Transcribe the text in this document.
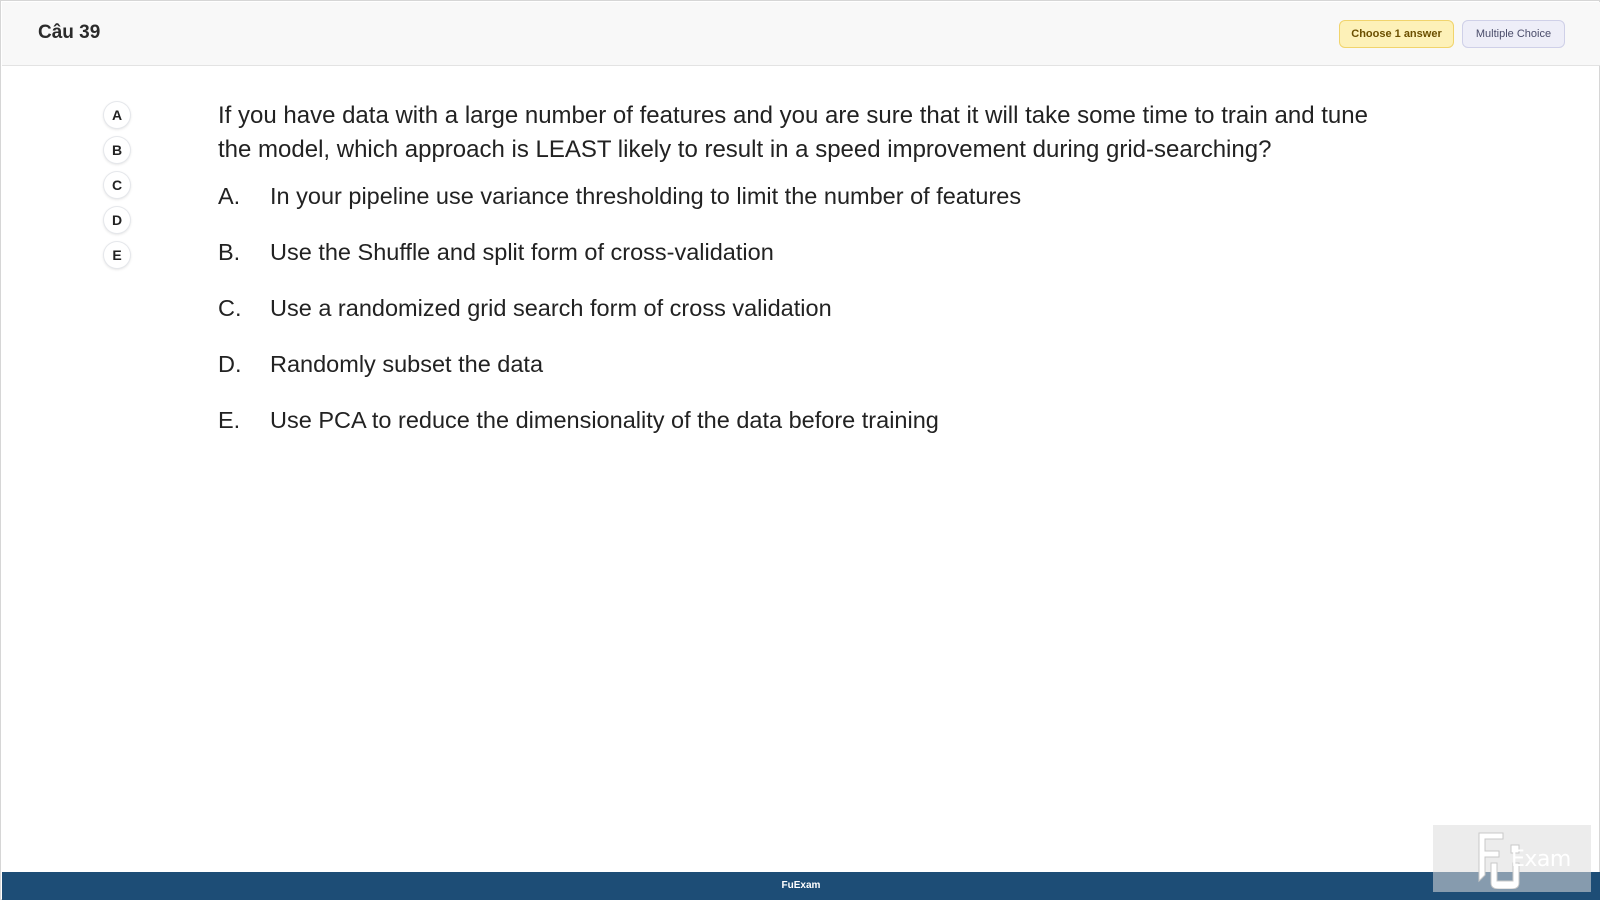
Câu 39	Choose 1 answer	Multiple Choice
A
B
C
D
E

If you have data with a large number of features and you are sure that it will take some time to train and tune the model, which approach is LEAST likely to result in a speed improvement during grid-searching?

A. In your pipeline use variance thresholding to limit the number of features
B. Use the Shuffle and split form of cross-validation
C. Use a randomized grid search form of cross validation
D. Randomly subset the data
E. Use PCA to reduce the dimensionality of the data before training
FuExam
Exam
